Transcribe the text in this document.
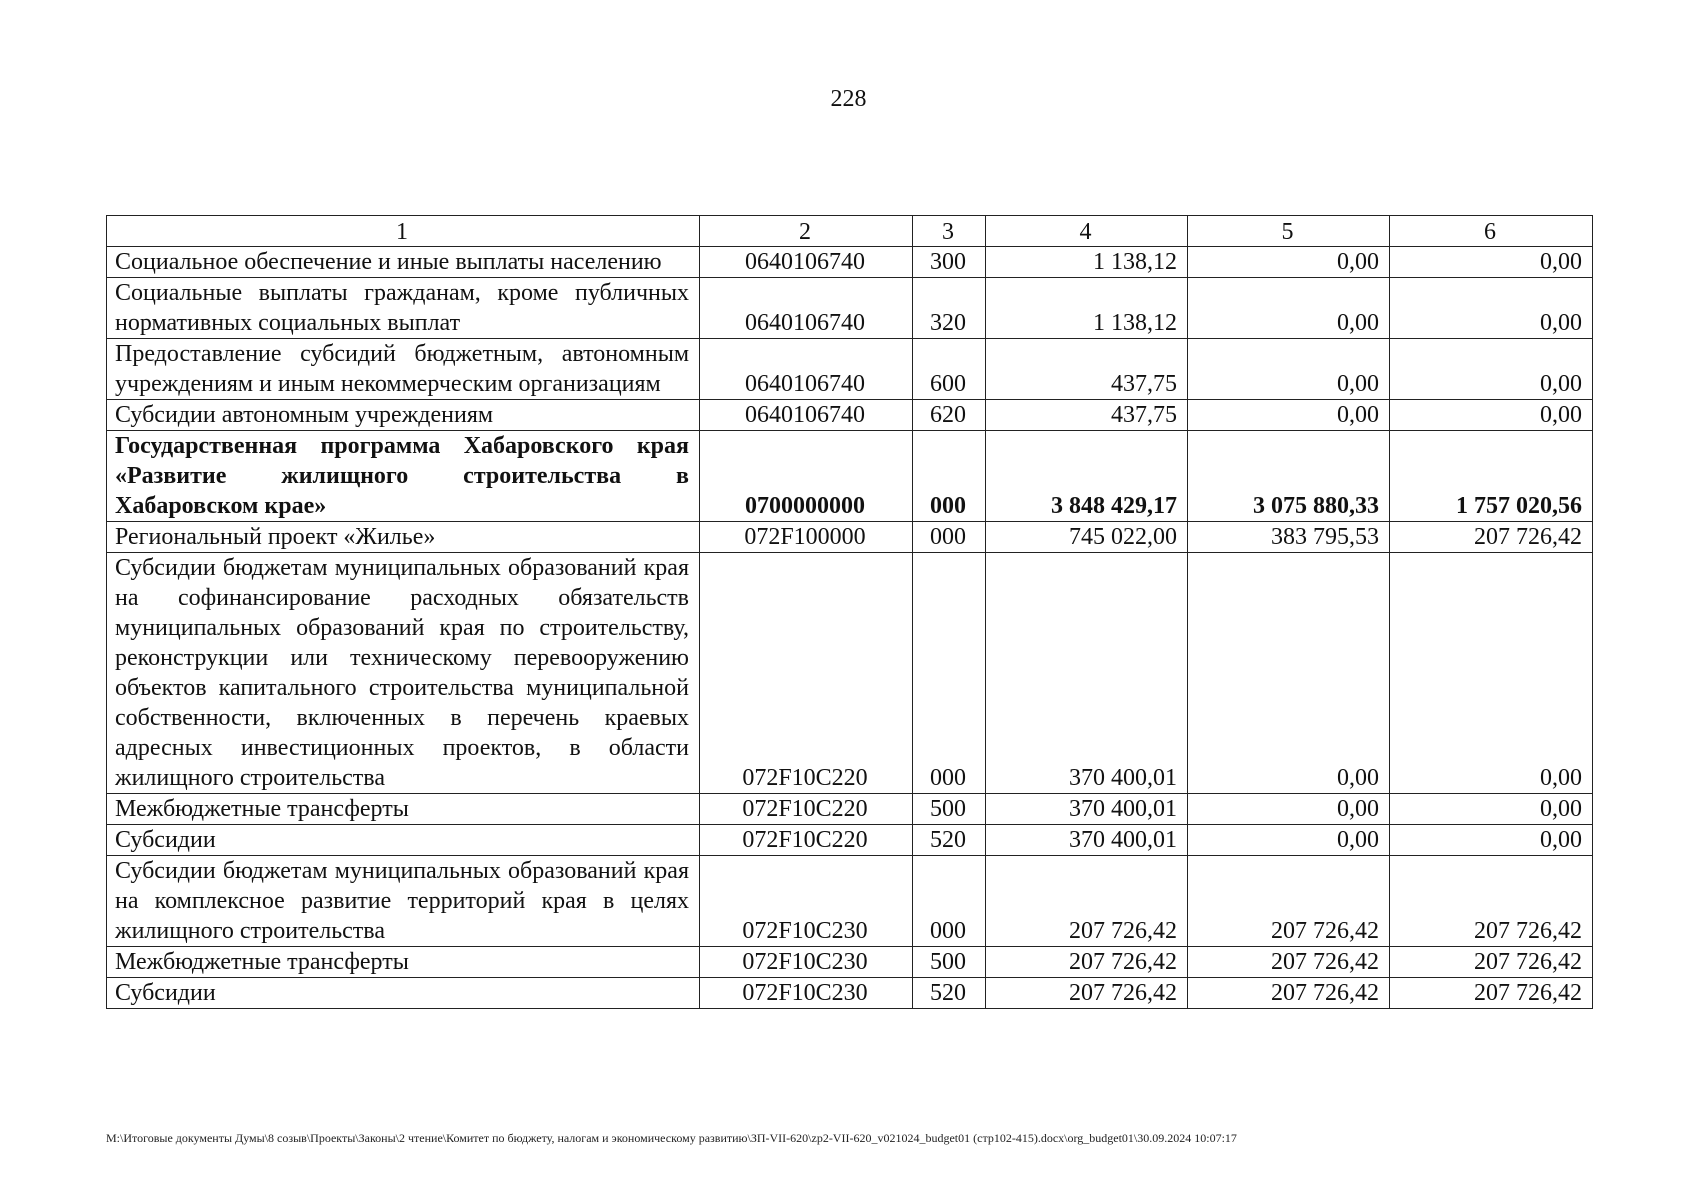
228
1	2	3	4	5	6
Социальное обеспечение и иные выплаты населению	0640106740	300	1 138,12	0,00	0,00
Социальные выплаты гражданам, кроме публичных нормативных социальных выплат	0640106740	320	1 138,12	0,00	0,00
Предоставление субсидий бюджетным, автономным учреждениям и иным некоммерческим организациям	0640106740	600	437,75	0,00	0,00
Субсидии автономным учреждениям	0640106740	620	437,75	0,00	0,00
Государственная программа Хабаровского края «Развитие жилищного строительства в Хабаровском крае»	0700000000	000	3 848 429,17	3 075 880,33	1 757 020,56
Региональный проект «Жилье»	072F100000	000	745 022,00	383 795,53	207 726,42
Субсидии бюджетам муниципальных образований края на софинансирование расходных обязательств муниципальных образований края по строительству, реконструкции или техническому перевооружению объектов капитального строительства муниципальной собственности, включенных в перечень краевых адресных инвестиционных проектов, в области жилищного строительства	072F10C220	000	370 400,01	0,00	0,00
Межбюджетные трансферты	072F10C220	500	370 400,01	0,00	0,00
Субсидии	072F10C220	520	370 400,01	0,00	0,00
Субсидии бюджетам муниципальных образований края на комплексное развитие территорий края в целях жилищного строительства	072F10C230	000	207 726,42	207 726,42	207 726,42
Межбюджетные трансферты	072F10C230	500	207 726,42	207 726,42	207 726,42
Субсидии	072F10C230	520	207 726,42	207 726,42	207 726,42
M:\Итоговые документы Думы\8 созыв\Проекты\Законы\2 чтение\Комитет по бюджету, налогам и экономическому развитию\ЗП-VII-620\zp2-VII-620_v021024_budget01 (стр102-415).docx\org_budget01\30.09.2024 10:07:17
